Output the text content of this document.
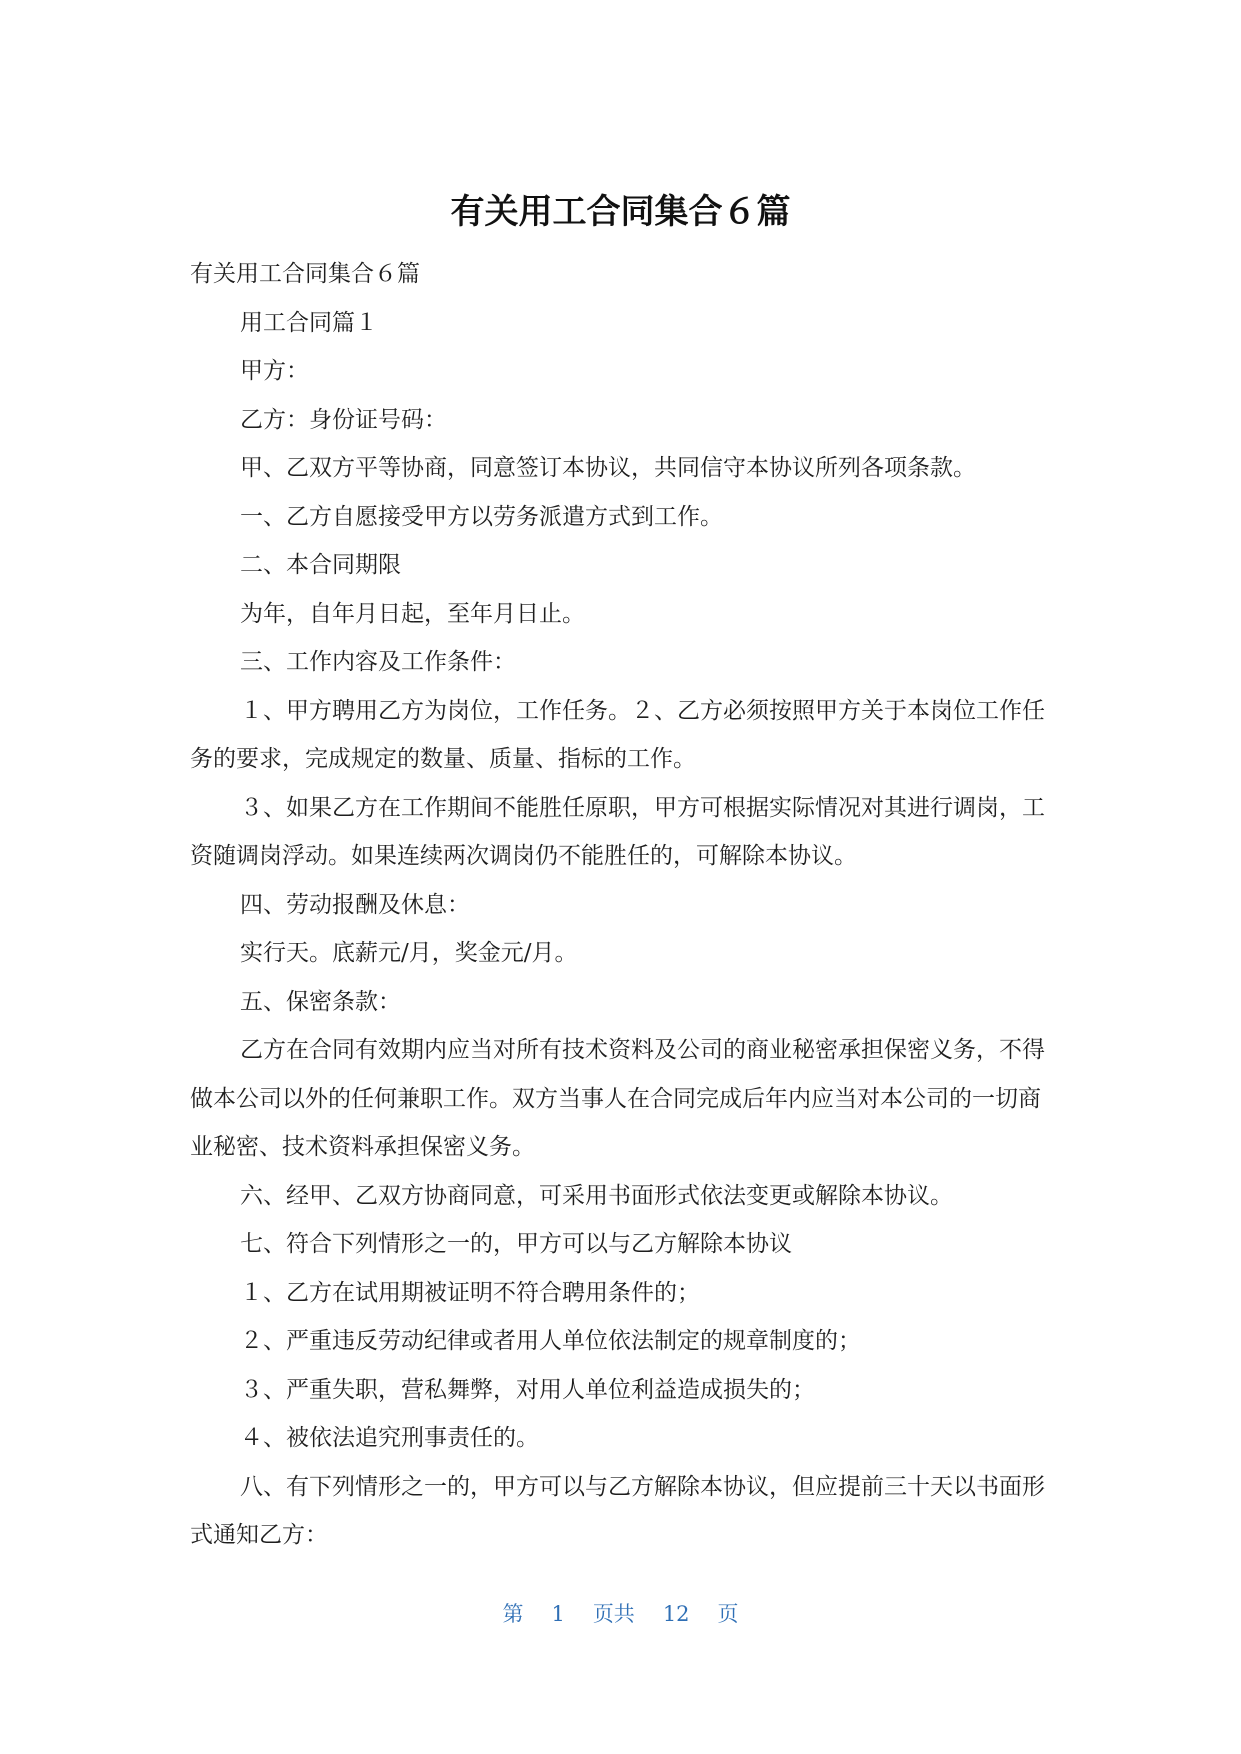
有关用工合同集合６篇

有关用工合同集合６篇

用工合同篇１

甲方：

乙方：身份证号码：

甲、乙双方平等协商，同意签订本协议，共同信守本协议所列各项条款。

一、乙方自愿接受甲方以劳务派遣方式到工作。

二、本合同期限

为年，自年月日起，至年月日止。

三、工作内容及工作条件：

１、甲方聘用乙方为岗位，工作任务。２、乙方必须按照甲方关于本岗位工作任务的要求，完成规定的数量、质量、指标的工作。

３、如果乙方在工作期间不能胜任原职，甲方可根据实际情况对其进行调岗，工资随调岗浮动。如果连续两次调岗仍不能胜任的，可解除本协议。

四、劳动报酬及休息：

实行天。底薪元/月，奖金元/月。

五、保密条款：

乙方在合同有效期内应当对所有技术资料及公司的商业秘密承担保密义务，不得做本公司以外的任何兼职工作。双方当事人在合同完成后年内应当对本公司的一切商业秘密、技术资料承担保密义务。

六、经甲、乙双方协商同意，可采用书面形式依法变更或解除本协议。

七、符合下列情形之一的，甲方可以与乙方解除本协议

１、乙方在试用期被证明不符合聘用条件的；

２、严重违反劳动纪律或者用人单位依法制定的规章制度的；

３、严重失职，营私舞弊，对用人单位利益造成损失的；

４、被依法追究刑事责任的。

八、有下列情形之一的，甲方可以与乙方解除本协议，但应提前三十天以书面形式通知乙方：

第 1 页共 12 页
